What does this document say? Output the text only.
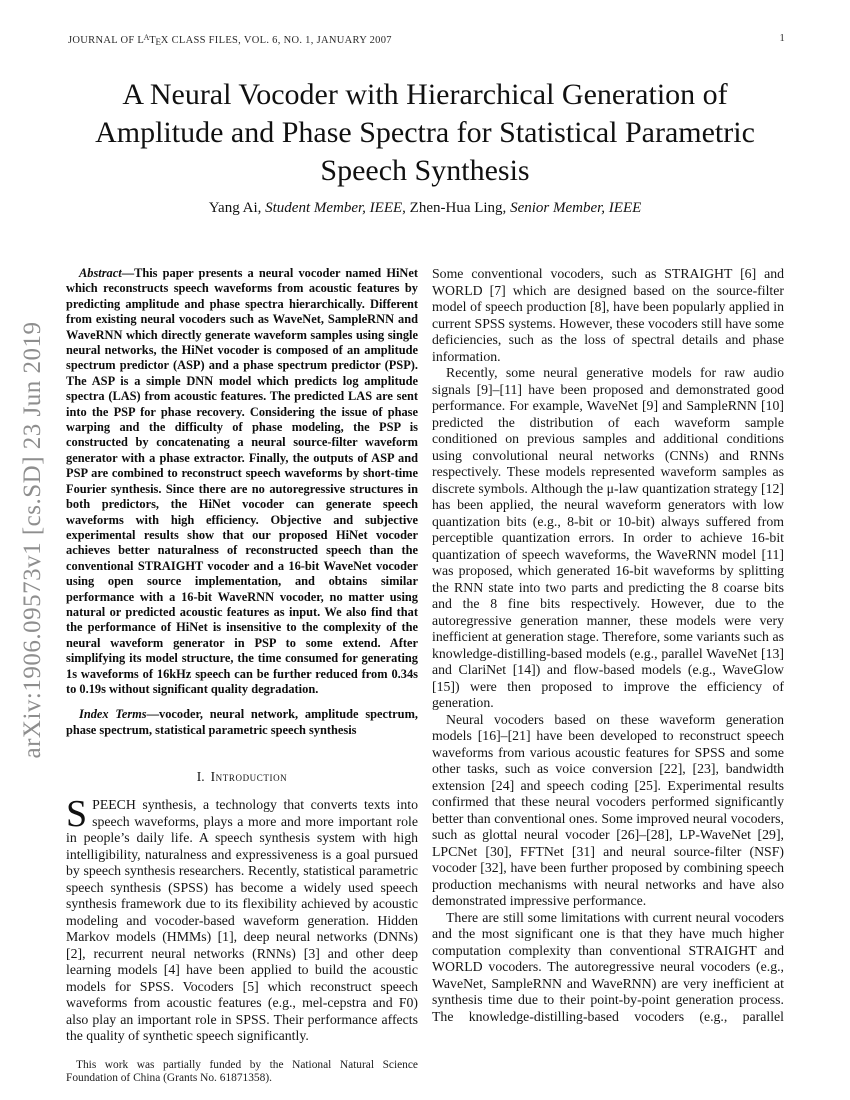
arXiv:1906.09573v1 [cs.SD] 23 Jun 2019
JOURNAL OF $L^AT_EX$ CLASS FILES, VOL. 6, NO. 1, JANUARY 2007	1
A Neural Vocoder with Hierarchical Generation of Amplitude and Phase Spectra for Statistical Parametric Speech Synthesis
Yang Ai, Student Member, IEEE, Zhen-Hua Ling, Senior Member, IEEE

Abstract—This paper presents a neural vocoder named HiNet which reconstructs speech waveforms from acoustic features by predicting amplitude and phase spectra hierarchically. Different from existing neural vocoders such as WaveNet, SampleRNN and WaveRNN which directly generate waveform samples using single neural networks, the HiNet vocoder is composed of an amplitude spectrum predictor (ASP) and a phase spectrum predictor (PSP). The ASP is a simple DNN model which predicts log amplitude spectra (LAS) from acoustic features. The predicted LAS are sent into the PSP for phase recovery. Considering the issue of phase warping and the difficulty of phase modeling, the PSP is constructed by concatenating a neural source-filter waveform generator with a phase extractor. Finally, the outputs of ASP and PSP are combined to reconstruct speech waveforms by short-time Fourier synthesis. Since there are no autoregressive structures in both predictors, the HiNet vocoder can generate speech waveforms with high efficiency. Objective and subjective experimental results show that our proposed HiNet vocoder achieves better naturalness of reconstructed speech than the conventional STRAIGHT vocoder and a 16-bit WaveNet vocoder using open source implementation, and obtains similar performance with a 16-bit WaveRNN vocoder, no matter using natural or predicted acoustic features as input. We also find that the performance of HiNet is insensitive to the complexity of the neural waveform generator in PSP to some extend. After simplifying its model structure, the time consumed for generating 1s waveforms of 16kHz speech can be further reduced from 0.34s to 0.19s without significant quality degradation.

Index Terms—vocoder, neural network, amplitude spectrum, phase spectrum, statistical parametric speech synthesis

I. Introduction

SPEECH synthesis, a technology that converts texts into speech waveforms, plays a more and more important role in people’s daily life. A speech synthesis system with high intelligibility, naturalness and expressiveness is a goal pursued by speech synthesis researchers. Recently, statistical parametric speech synthesis (SPSS) has become a widely used speech synthesis framework due to its flexibility achieved by acoustic modeling and vocoder-based waveform generation. Hidden Markov models (HMMs) [1], deep neural networks (DNNs) [2], recurrent neural networks (RNNs) [3] and other deep learning models [4] have been applied to build the acoustic models for SPSS. Vocoders [5] which reconstruct speech waveforms from acoustic features (e.g., mel-cepstra and F0) also play an important role in SPSS. Their performance affects the quality of synthetic speech significantly.

This work was partially funded by the National Natural Science Foundation of China (Grants No. 61871358).

Some conventional vocoders, such as STRAIGHT [6] and WORLD [7] which are designed based on the source-filter model of speech production [8], have been popularly applied in current SPSS systems. However, these vocoders still have some deficiencies, such as the loss of spectral details and phase information.

Recently, some neural generative models for raw audio signals [9]–[11] have been proposed and demonstrated good performance. For example, WaveNet [9] and SampleRNN [10] predicted the distribution of each waveform sample conditioned on previous samples and additional conditions using convolutional neural networks (CNNs) and RNNs respectively. These models represented waveform samples as discrete symbols. Although the μ-law quantization strategy [12] has been applied, the neural waveform generators with low quantization bits (e.g., 8-bit or 10-bit) always suffered from perceptible quantization errors. In order to achieve 16-bit quantization of speech waveforms, the WaveRNN model [11] was proposed, which generated 16-bit waveforms by splitting the RNN state into two parts and predicting the 8 coarse bits and the 8 fine bits respectively. However, due to the autoregressive generation manner, these models were very inefficient at generation stage. Therefore, some variants such as knowledge-distilling-based models (e.g., parallel WaveNet [13] and ClariNet [14]) and flow-based models (e.g., WaveGlow [15]) were then proposed to improve the efficiency of generation.

Neural vocoders based on these waveform generation models [16]–[21] have been developed to reconstruct speech waveforms from various acoustic features for SPSS and some other tasks, such as voice conversion [22], [23], bandwidth extension [24] and speech coding [25]. Experimental results confirmed that these neural vocoders performed significantly better than conventional ones. Some improved neural vocoders, such as glottal neural vocoder [26]–[28], LP-WaveNet [29], LPCNet [30], FFTNet [31] and neural source-filter (NSF) vocoder [32], have been further proposed by combining speech production mechanisms with neural networks and have also demonstrated impressive performance.

There are still some limitations with current neural vocoders and the most significant one is that they have much higher computation complexity than conventional STRAIGHT and WORLD vocoders. The autoregressive neural vocoders (e.g., WaveNet, SampleRNN and WaveRNN) are very inefficient at synthesis time due to their point-by-point generation process. The knowledge-distilling-based vocoders (e.g., parallel
